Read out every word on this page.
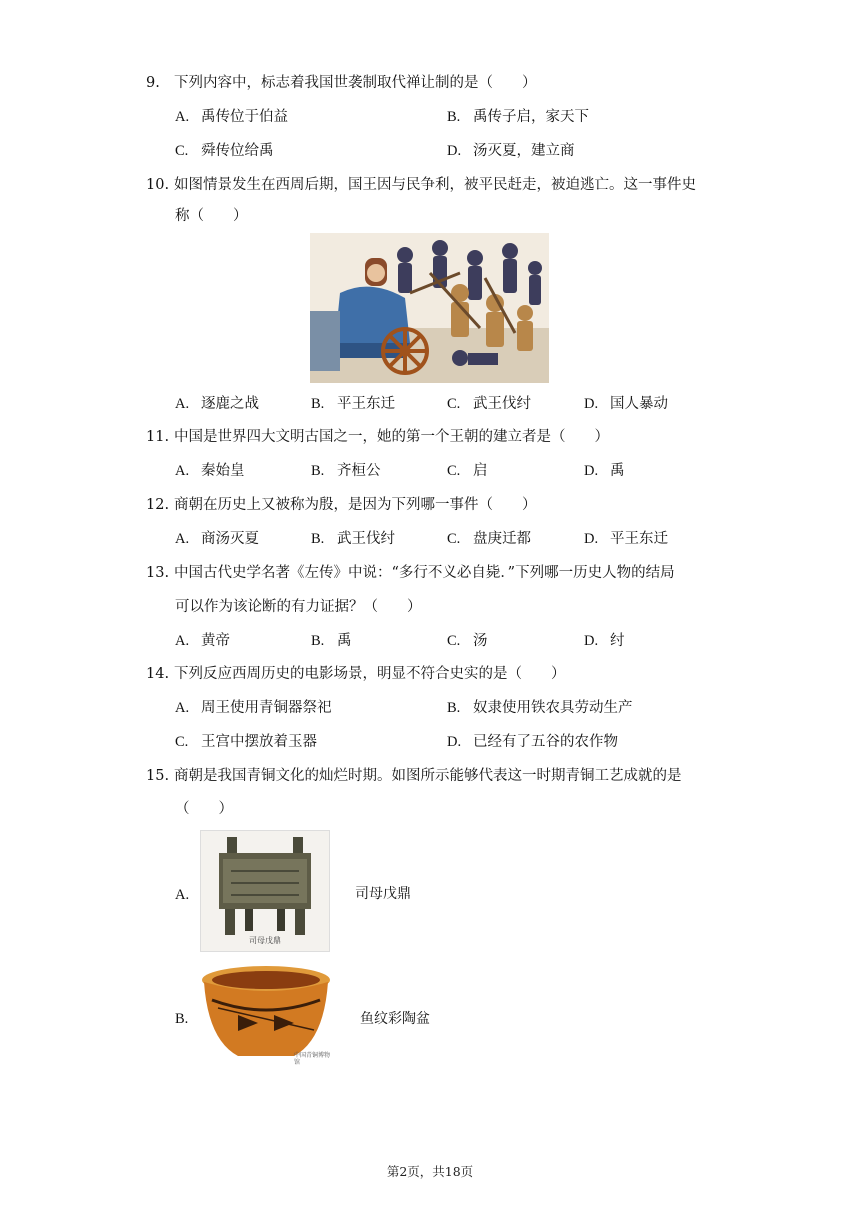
9. 下列内容中，标志着我国世袭制取代禅让制的是（　　）
A. 禹传位于伯益	B. 禹传子启，家天下
C. 舜传位给禹	D. 汤灭夏，建立商
10. 如图情景发生在西周后期，国王因与民争利，被平民赶走，被迫逃亡。这一事件史
称（　　）
A. 逐鹿之战	B. 平王东迁	C. 武王伐纣	D. 国人暴动
11. 中国是世界四大文明古国之一，她的第一个王朝的建立者是（　　）
A. 秦始皇	B. 齐桓公	C. 启	D. 禹
12. 商朝在历史上又被称为殷，是因为下列哪一事件（　　）
A. 商汤灭夏	B. 武王伐纣	C. 盘庚迁都	D. 平王东迁
13. 中国古代史学名著《左传》中说：“多行不义必自毙．”下列哪一历史人物的结局
可以作为该论断的有力证据？（　　）
A. 黄帝	B. 禹	C. 汤	D. 纣
14. 下列反应西周历史的电影场景，明显不符合史实的是（　　）
A. 周王使用青铜器祭祀	B. 奴隶使用铁农具劳动生产
C. 王宫中摆放着玉器	D. 已经有了五谷的农作物
15. 商朝是我国青铜文化的灿烂时期。如图所示能够代表这一时期青铜工艺成就的是
（　　）
A.
司母戊鼎
司母戊鼎
B.
中国青铜博物馆
鱼纹彩陶盆
第2页，共18页
